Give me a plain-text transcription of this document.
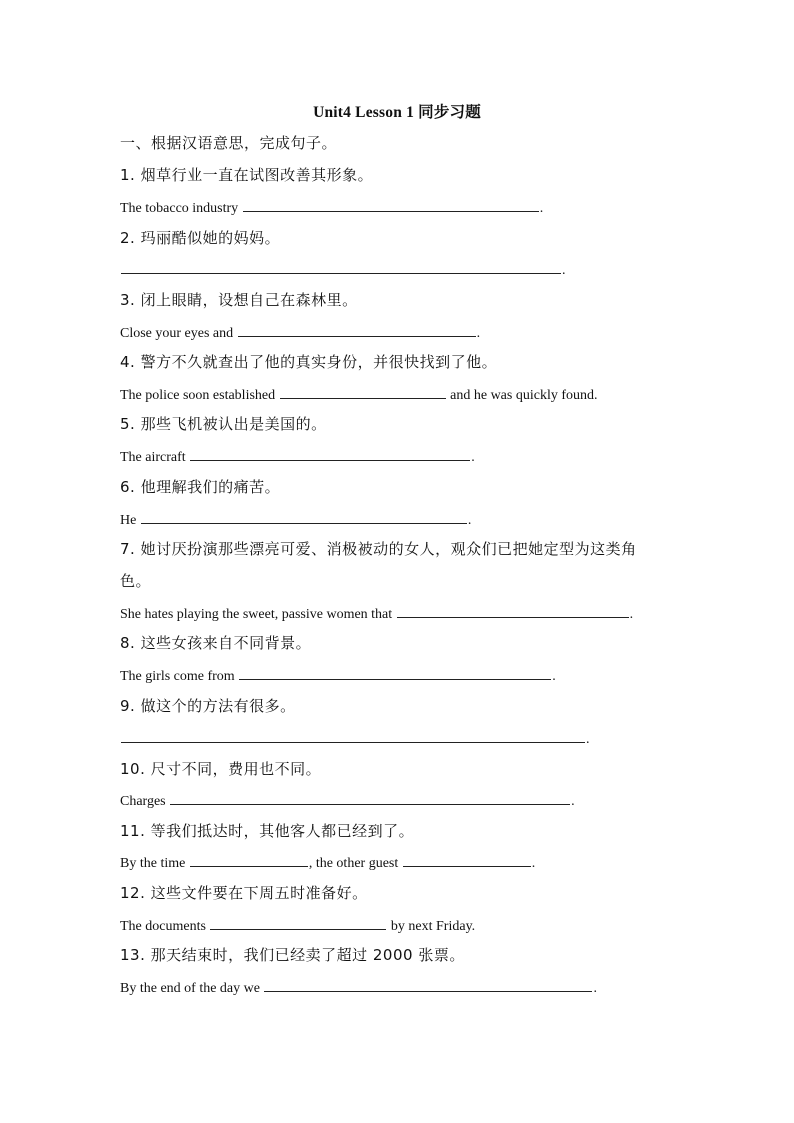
Unit4 Lesson 1 同步习题
一、根据汉语意思，完成句子。
1. 烟草行业一直在试图改善其形象。
The tobacco industry	.
2. 玛丽酷似她的妈妈。
.
3. 闭上眼睛，设想自己在森林里。
Close your eyes and	.
4. 警方不久就查出了他的真实身份，并很快找到了他。
The police soon established	and he was quickly found.
5. 那些飞机被认出是美国的。
The aircraft	.
6. 他理解我们的痛苦。
He	.
7. 她讨厌扮演那些漂亮可爱、消极被动的女人，观众们已把她定型为这类角
色。
She hates playing the sweet, passive women that	.
8. 这些女孩来自不同背景。
The girls come from	.
9. 做这个的方法有很多。
.
10. 尺寸不同，费用也不同。
Charges	.
11. 等我们抵达时，其他客人都已经到了。
By the time	, the other guest	.
12. 这些文件要在下周五时准备好。
The documents	by next Friday.
13. 那天结束时，我们已经卖了超过 2000 张票。
By the end of the day we	.
